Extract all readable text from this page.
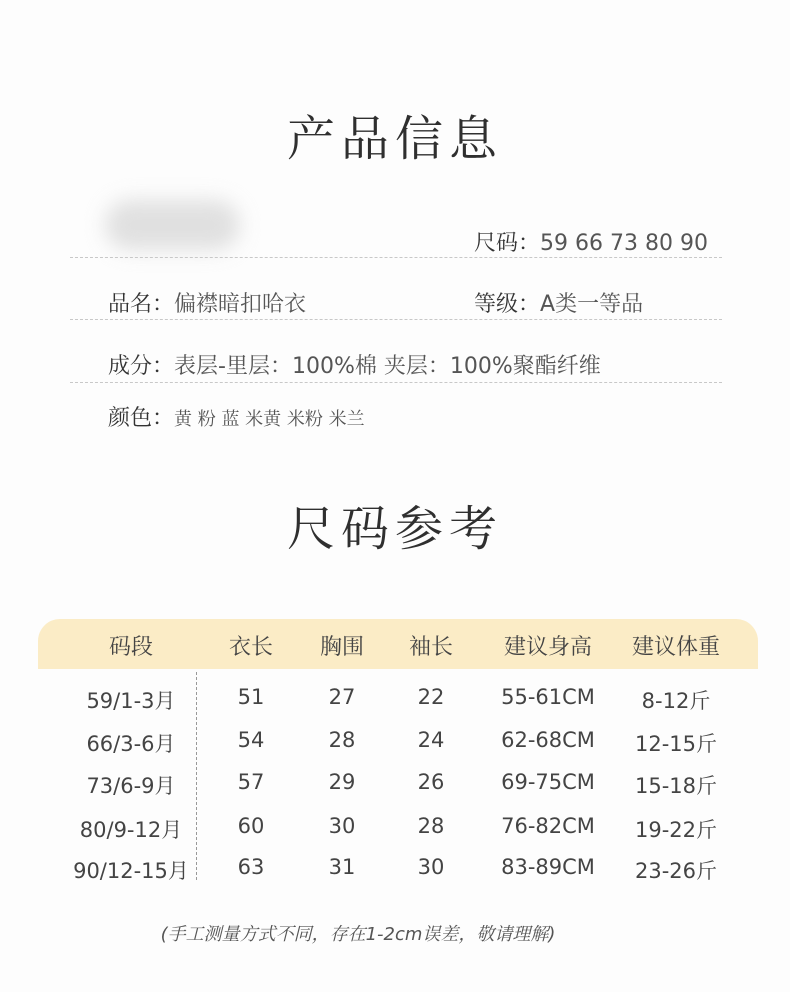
产品信息
尺码：59 66 73 80 90
品名：偏襟暗扣哈衣	等级：A类一等品
成分：表层-里层：100%棉 夹层：100%聚酯纤维
颜色：黄 粉 蓝 米黄 米粉 米兰
尺码参考
码段	衣长	胸围	袖长	建议身高	建议体重
59/1-3月	51	27	22	55-61CM	8-12斤
66/3-6月	54	28	24	62-68CM	12-15斤
73/6-9月	57	29	26	69-75CM	15-18斤
80/9-12月	60	30	28	76-82CM	19-22斤
90/12-15月	63	31	30	83-89CM	23-26斤
(手工测量方式不同，存在1-2cm误差，敬请理解)
